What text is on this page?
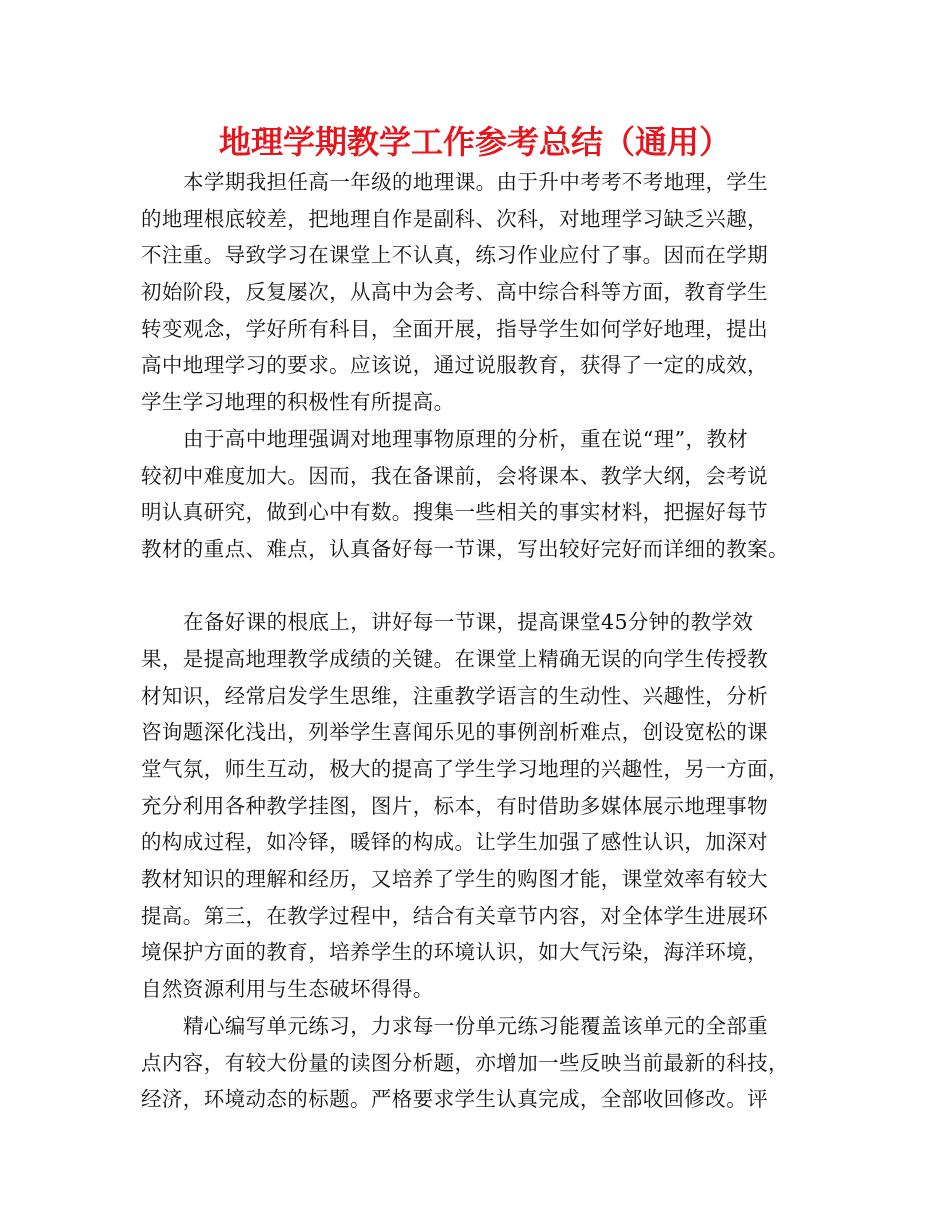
地理学期教学工作参考总结（通用）
本学期我担任高一年级的地理课。由于升中考考不考地理，学生
的地理根底较差，把地理自作是副科、次科，对地理学习缺乏兴趣，
不注重。导致学习在课堂上不认真，练习作业应付了事。因而在学期
初始阶段，反复屡次，从高中为会考、高中综合科等方面，教育学生
转变观念，学好所有科目，全面开展，指导学生如何学好地理，提出
高中地理学习的要求。应该说，通过说服教育，获得了一定的成效，
学生学习地理的积极性有所提高。
由于高中地理强调对地理事物原理的分析，重在说“理”，教材
较初中难度加大。因而，我在备课前，会将课本、教学大纲，会考说
明认真研究，做到心中有数。搜集一些相关的事实材料，把握好每节
教材的重点、难点，认真备好每一节课，写出较好完好而详细的教案。
在备好课的根底上，讲好每一节课，提高课堂45分钟的教学效
果，是提高地理教学成绩的关键。在课堂上精确无误的向学生传授教
材知识，经常启发学生思维，注重教学语言的生动性、兴趣性，分析
咨询题深化浅出，列举学生喜闻乐见的事例剖析难点，创设宽松的课
堂气氛，师生互动，极大的提高了学生学习地理的兴趣性，另一方面，
充分利用各种教学挂图，图片，标本，有时借助多媒体展示地理事物
的构成过程，如冷铎，暖铎的构成。让学生加强了感性认识，加深对
教材知识的理解和经历，又培养了学生的购图才能，课堂效率有较大
提高。第三，在教学过程中，结合有关章节内容，对全体学生进展环
境保护方面的教育，培养学生的环境认识，如大气污染，海洋环境，
自然资源利用与生态破坏得得。
精心编写单元练习，力求每一份单元练习能覆盖该单元的全部重
点内容，有较大份量的读图分析题，亦增加一些反映当前最新的科技，
经济，环境动态的标题。严格要求学生认真完成，全部收回修改。评
